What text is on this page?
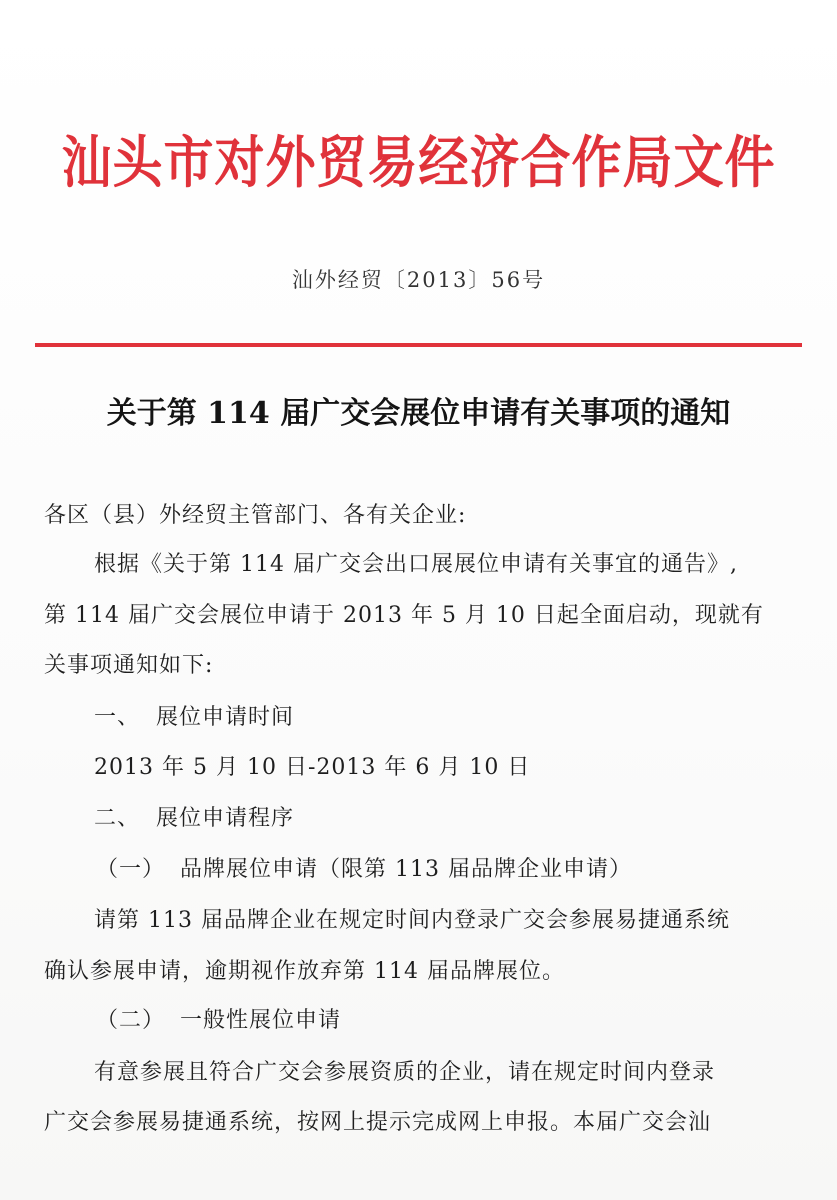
汕头市对外贸易经济合作局文件
汕外经贸〔2013〕56号
关于第 114 届广交会展位申请有关事项的通知
各区（县）外经贸主管部门、各有关企业:
根据《关于第 114 届广交会出口展展位申请有关事宜的通告》,
第 114 届广交会展位申请于 2013 年 5 月 10 日起全面启动，现就有
关事项通知如下:
一、 展位申请时间
2013 年 5 月 10 日-2013 年 6 月 10 日
二、 展位申请程序
（一） 品牌展位申请（限第 113 届品牌企业申请）
请第 113 届品牌企业在规定时间内登录广交会参展易捷通系统
确认参展申请，逾期视作放弃第 114 届品牌展位。
（二） 一般性展位申请
有意参展且符合广交会参展资质的企业，请在规定时间内登录
广交会参展易捷通系统，按网上提示完成网上申报。本届广交会汕
